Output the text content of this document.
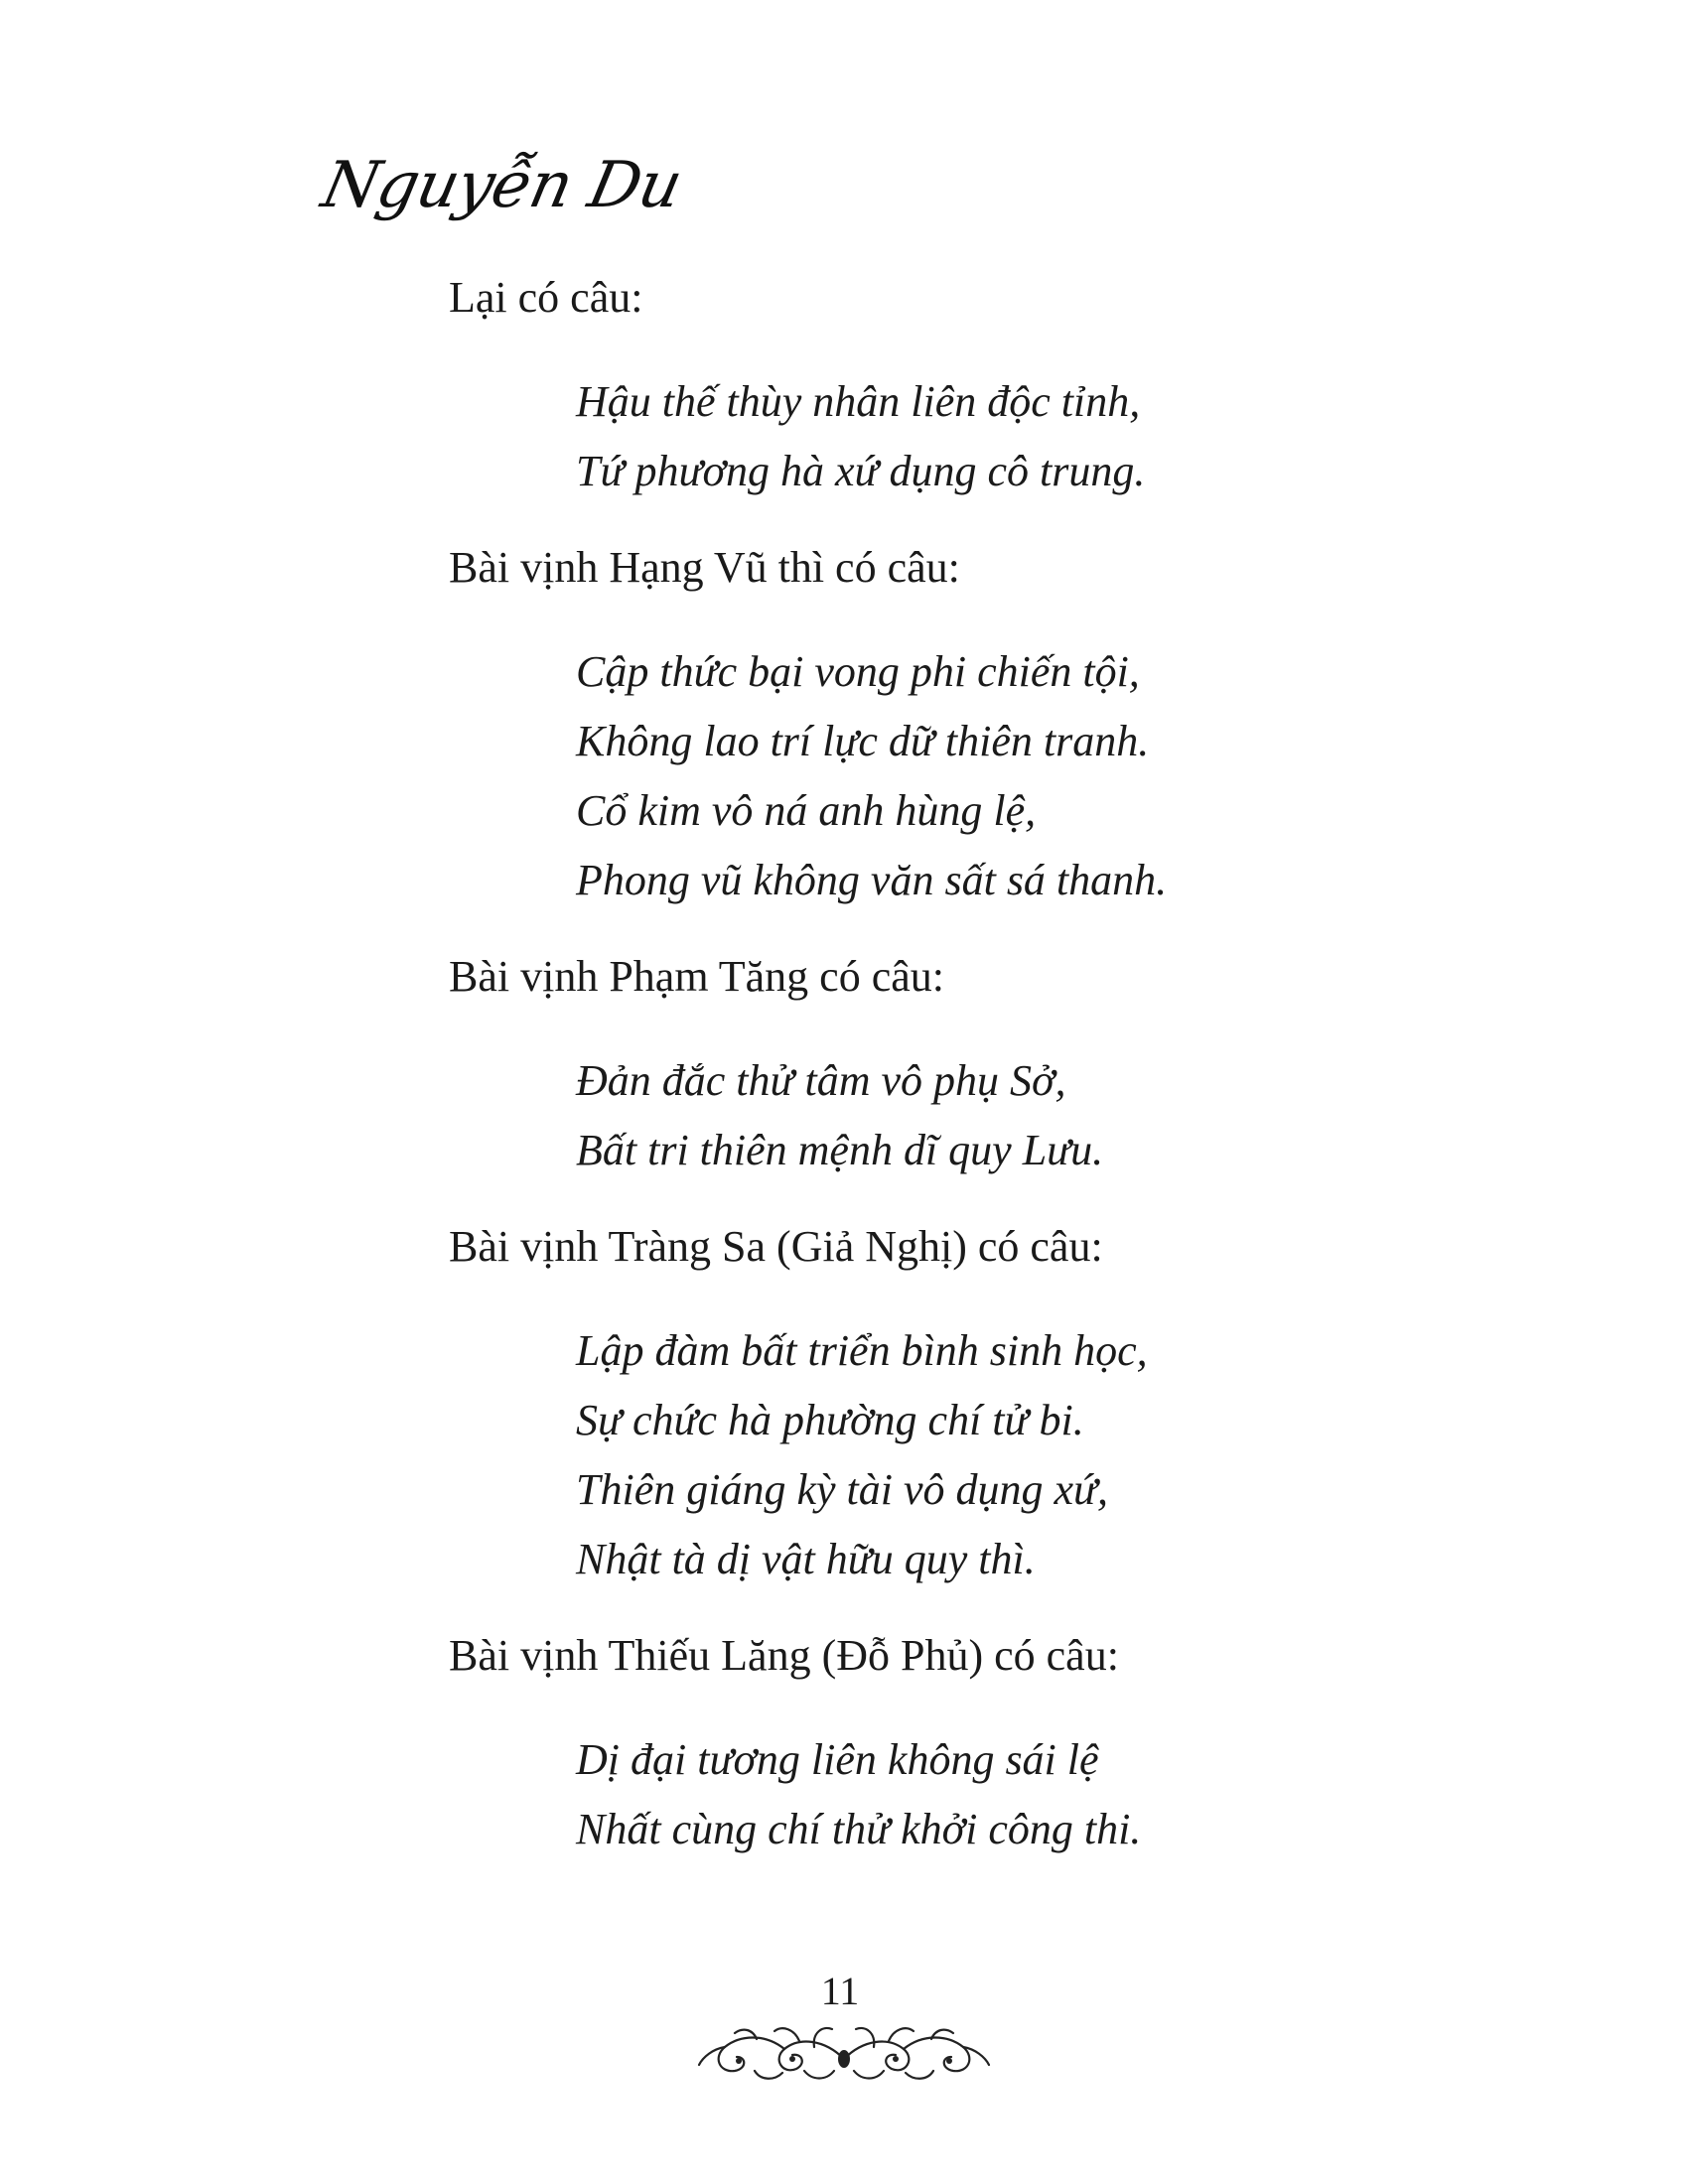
Nguyễn Du

Lại có câu:

Hậu thế thùy nhân liên độc tỉnh,
Tứ phương hà xứ dụng cô trung.

Bài vịnh Hạng Vũ thì có câu:

Cập thức bại vong phi chiến tội,
Không lao trí lực dữ thiên tranh.
Cổ kim vô ná anh hùng lệ,
Phong vũ không văn sất sá thanh.

Bài vịnh Phạm Tăng có câu:

Đản đắc thử tâm vô phụ Sở,
Bất tri thiên mệnh dĩ quy Lưu.

Bài vịnh Tràng Sa (Giả Nghị) có câu:

Lập đàm bất triển bình sinh học,
Sự chức hà phường chí tử bi.
Thiên giáng kỳ tài vô dụng xứ,
Nhật tà dị vật hữu quy thì.

Bài vịnh Thiếu Lăng (Đỗ Phủ) có câu:

Dị đại tương liên không sái lệ
Nhất cùng chí thử khởi công thi.
11
